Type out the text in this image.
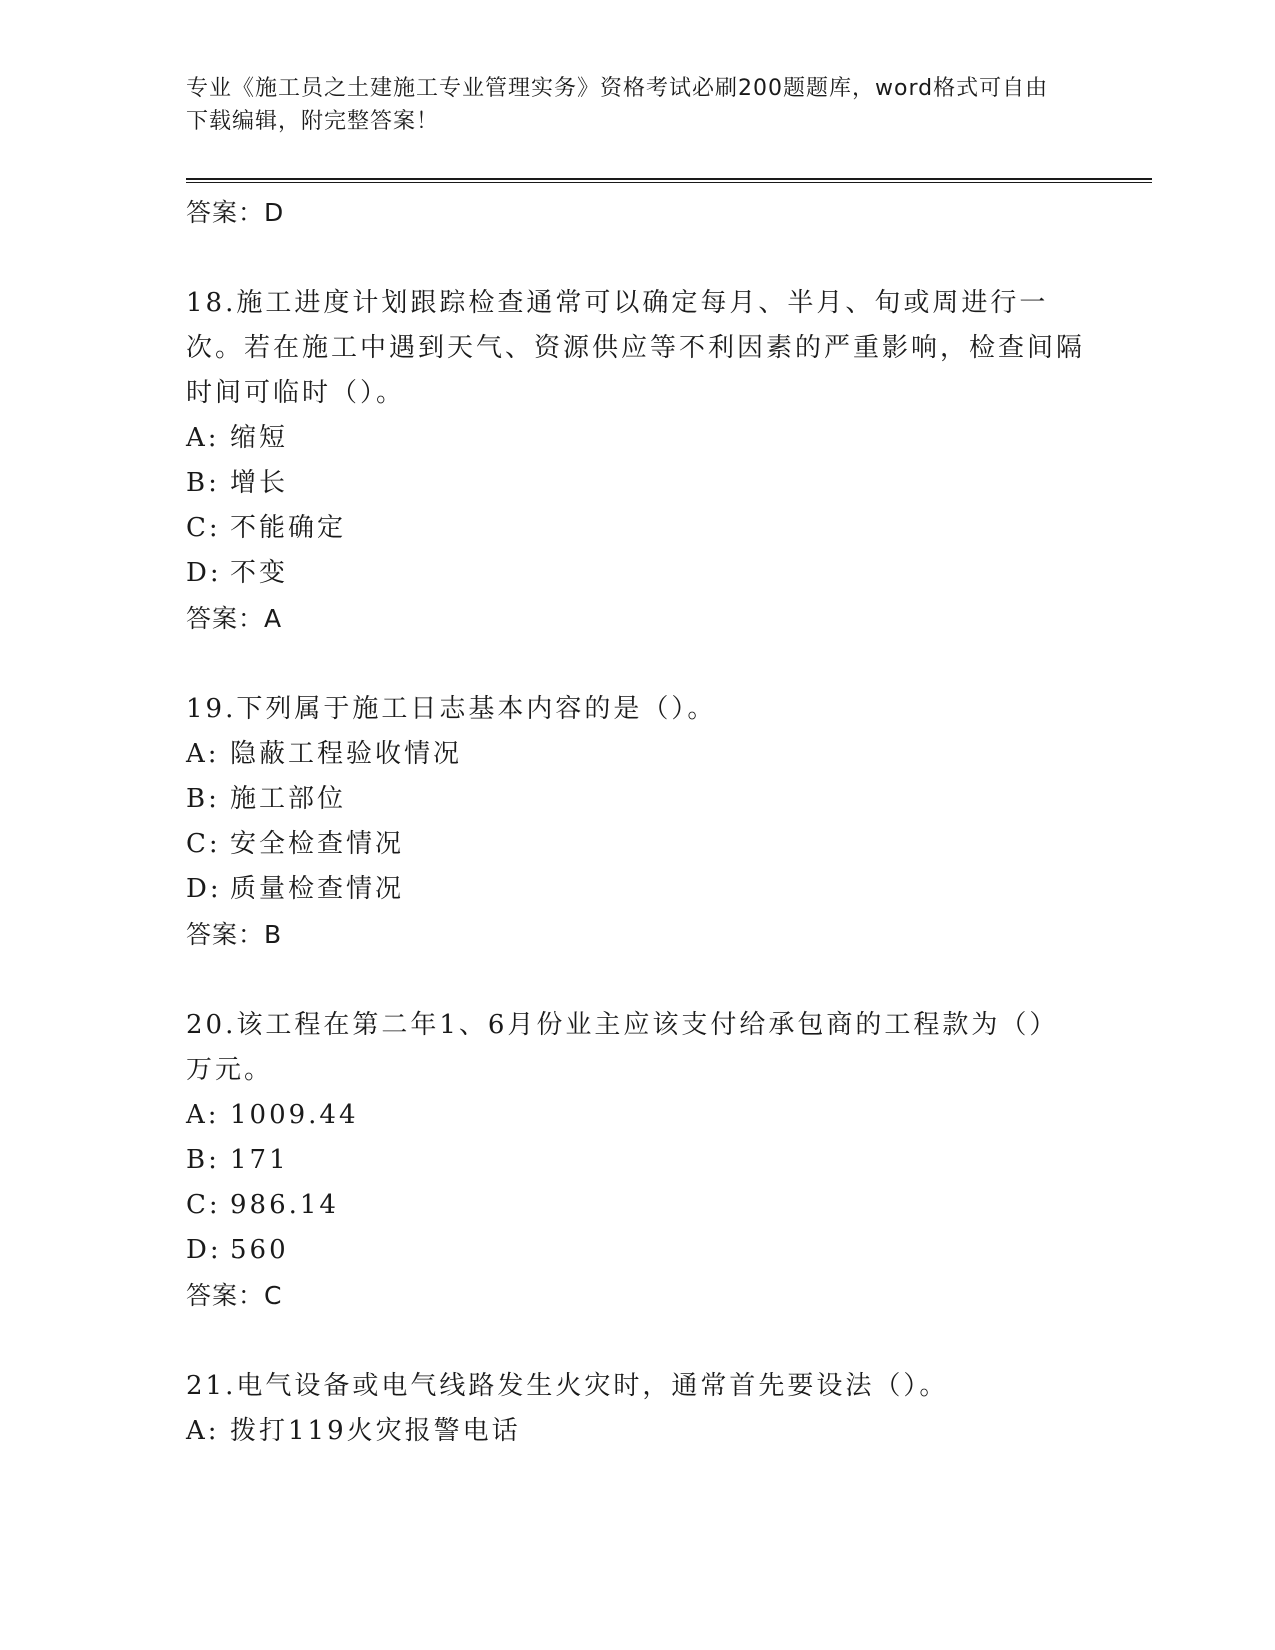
专业《施工员之土建施工专业管理实务》资格考试必刷200题题库，word格式可自由下载编辑，附完整答案！
答案：D

18.施工进度计划跟踪检查通常可以确定每月、半月、旬或周进行一次。若在施工中遇到天气、资源供应等不利因素的严重影响，检查间隔时间可临时（）。

A: 缩短
B: 增长
C: 不能确定
D: 不变
答案：A

19.下列属于施工日志基本内容的是（）。

A: 隐蔽工程验收情况
B: 施工部位
C: 安全检查情况
D: 质量检查情况
答案：B

20.该工程在第二年1、6月份业主应该支付给承包商的工程款为（）万元。

A: 1009.44
B: 171
C: 986.14
D: 560
答案：C

21.电气设备或电气线路发生火灾时，通常首先要设法（）。

A: 拨打119火灾报警电话
